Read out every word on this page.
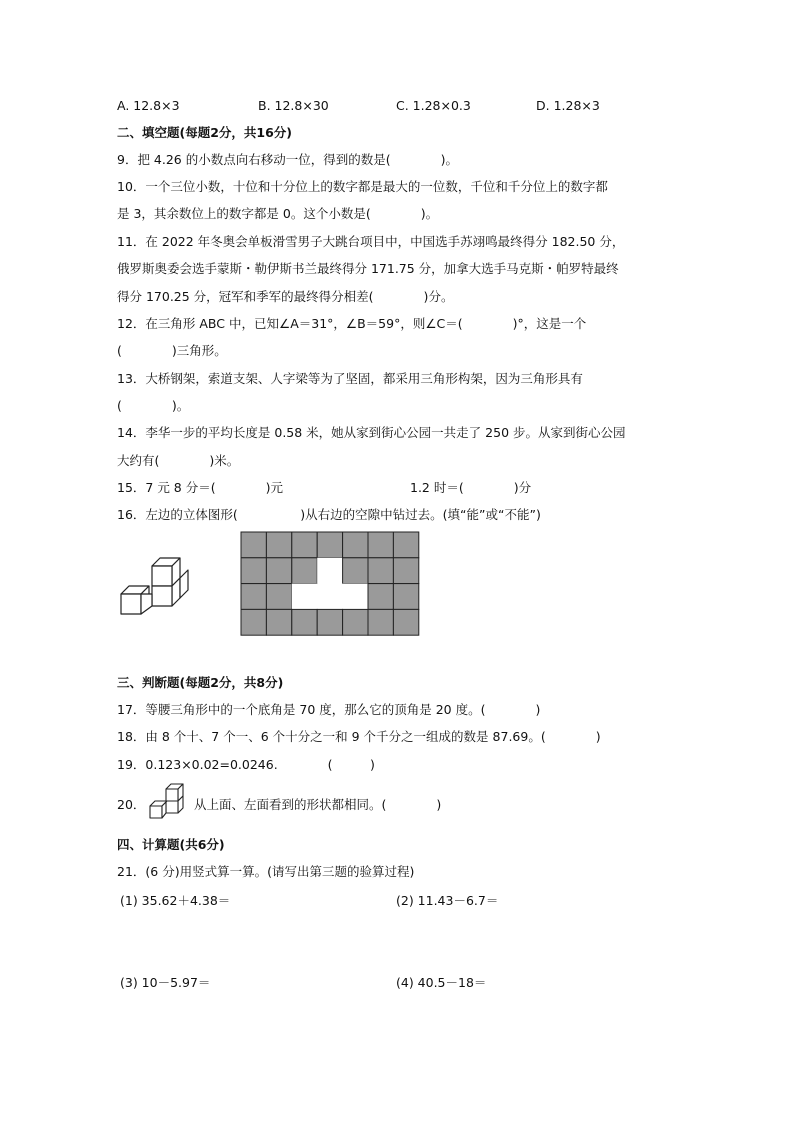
A. 12.8×3	B. 12.8×30	C. 1.28×0.3	D. 1.28×3
二、填空题(每题2分，共16分)
9．把 4.26 的小数点向右移动一位，得到的数是(　　　　)。
10．一个三位小数，十位和十分位上的数字都是最大的一位数，千位和千分位上的数字都
是 3，其余数位上的数字都是 0。这个小数是(　　　　)。
11．在 2022 年冬奥会单板滑雪男子大跳台项目中，中国选手苏翊鸣最终得分 182.50 分，
俄罗斯奥委会选手蒙斯・勒伊斯书兰最终得分 171.75 分，加拿大选手马克斯・帕罗特最终
得分 170.25 分，冠军和季军的最终得分相差(　　　　)分。
12．在三角形 ABC 中，已知∠A＝31°，∠B＝59°，则∠C＝(　　　　)°，这是一个
(　　　　)三角形。
13．大桥钢架，索道支架、人字梁等为了坚固，都采用三角形构架，因为三角形具有
(　　　　)。
14．李华一步的平均长度是 0.58 米，她从家到街心公园一共走了 250 步。从家到街心公园
大约有(　　　　)米。
15．7 元 8 分＝(　　　　)元	1.2 时＝(　　　　)分
16．左边的立体图形(　　　　　)从右边的空隙中钻过去。(填“能”或“不能”)
三、判断题(每题2分，共8分)
17．等腰三角形中的一个底角是 70 度，那么它的顶角是 20 度。(　　　　)
18．由 8 个十、7 个一、6 个十分之一和 9 个千分之一组成的数是 87.69。(　　　　)
19．0.123×0.02=0.0246.　　　　(　　　)
20．	从上面、左面看到的形状都相同。(　　　　)
四、计算题(共6分)
21．(6 分)用竖式算一算。(请写出第三题的验算过程)
(1) 35.62＋4.38＝	(2) 11.43－6.7＝
(3) 10－5.97＝	(4) 40.5－18＝
